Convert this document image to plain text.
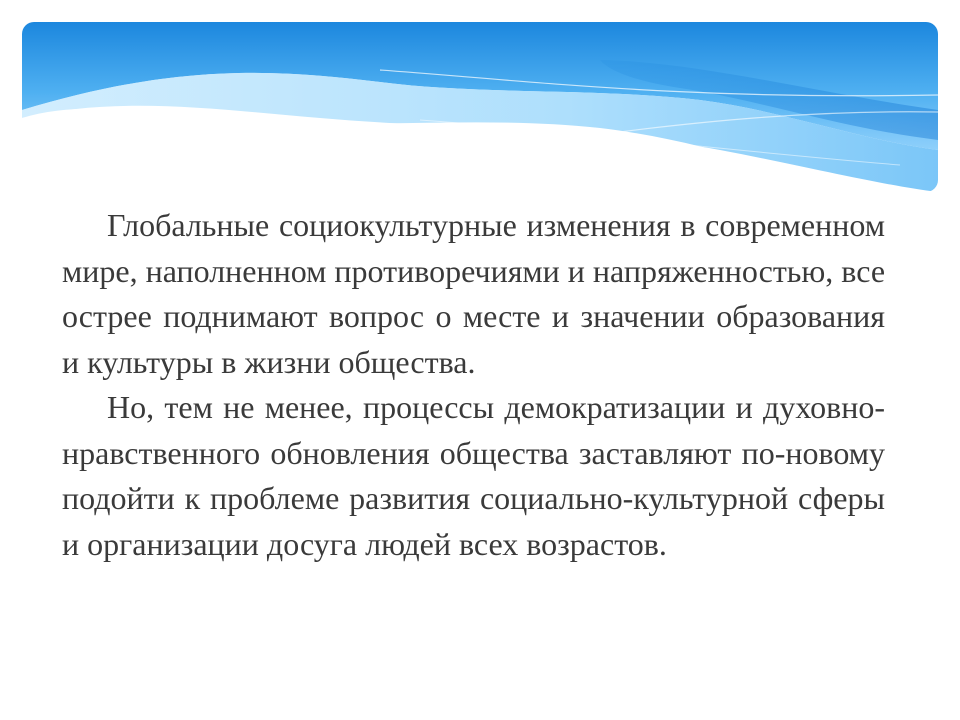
Глобальные социокультурные изменения в современном мире, наполненном противоречиями и напряженностью, все острее поднимают вопрос о месте и значении образования и культуры в жизни общества.

Но, тем не менее, процессы демократизации и духовно-нравственного обновления общества заставляют по-новому подойти к проблеме развития социально-культурной сферы и организации досуга людей всех возрастов.
